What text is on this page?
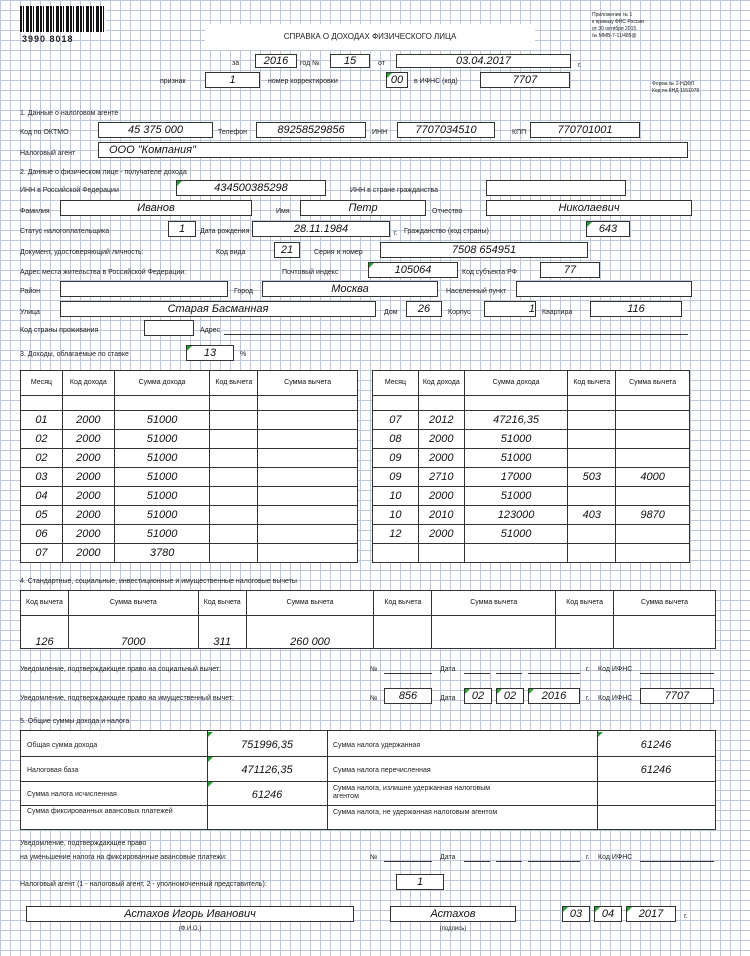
3990 8018	СПРАВКА О ДОХОДАХ ФИЗИЧЕСКОГО ЛИЦА
Приложение № 1
к приказу ФНС России
от 30 октября 2015
№ ММВ-7-11/485@
за	2016	год №	15	от	03.04.2017	г.
признак	1	номер корректировки	00	в ИФНС (код)	7707	Форма № 2-НДФЛ
Код по КНД 1151078
1. Данные о налоговом агенте
Код по ОКТМО	45 375 000	Телефон	89258529856	ИНН	7707034510	КПП	770701001
Налоговый агент	ООО "Компания"
2. Данные о физическом лице - получателе дохода
ИНН в Российской Федерации	434500385298	ИНН в стране гражданства
Фамилия	Иванов	Имя	Петр	Отчество	Николаевич
Статус налогоплательщика	1	Дата рождения	28.11.1984	г. Гражданство (код страны)	643
Документ, удостоверяющий личность:	Код вида	21	Серия и номер	7508 654951
Адрес места жительства в Российской Федерации:	Почтовый индекс	105064	Код субъекта РФ	77
Район	Город	Москва	Населенный пункт
Улица	Старая Басманная	Дом	26	Корпус	1 Квартира	116
Код страны проживания	Адрес
3. Доходы, облагаемые по ставке	13	%
Месяц	Код дохода	Сумма дохода	Код вычета	Сумма вычета

01	2000	51000		
02	2000	51000		
02	2000	51000		
03	2000	51000		
04	2000	51000		
05	2000	51000		
06	2000	51000		
07	2000	3780		
Месяц	Код дохода	Сумма дохода	Код вычета	Сумма вычета

07	2012	47216,35		
08	2000	51000		
09	2000	51000		
09	2710	17000	503	4000
10	2000	51000		
10	2010	123000	403	9870
12	2000	51000		

4. Стандартные, социальные, инвестиционные и имущественные налоговые вычеты
Код вычета	Сумма вычета	Код вычета	Сумма вычета	Код вычета	Сумма вычета	Код вычета	Сумма вычета
126	7000	311	260 000				
Уведомление, подтверждающее право на социальный вычет:	№	Дата	г. Код ИФНС
Уведомление, подтверждающее право на имущественный вычет:	№	856	Дата	02	02	2016	г. Код ИФНС	7707
5. Общие суммы дохода и налога
Общая сумма дохода	751996,35
Налоговая база	471126,35
Сумма налога исчисленная	61246
Сумма фиксированных авансовых платежей
Сумма налога удержанная	61246
Сумма налога перечисленная	61246
Сумма налога, излишне удержанная налоговым агентом
Сумма налога, не удержанная налоговым агентом
Уведомление, подтверждающее право
на уменьшение налога на фиксированные авансовые платежи:	№	Дата	г. Код ИФНС
Налоговый агент (1 - налоговый агент, 2 - уполномоченный представитель):	1
Астахов Игорь Иванович
(Ф.И.О.)
Астахов
(подпись)
03	04	2017	г.
